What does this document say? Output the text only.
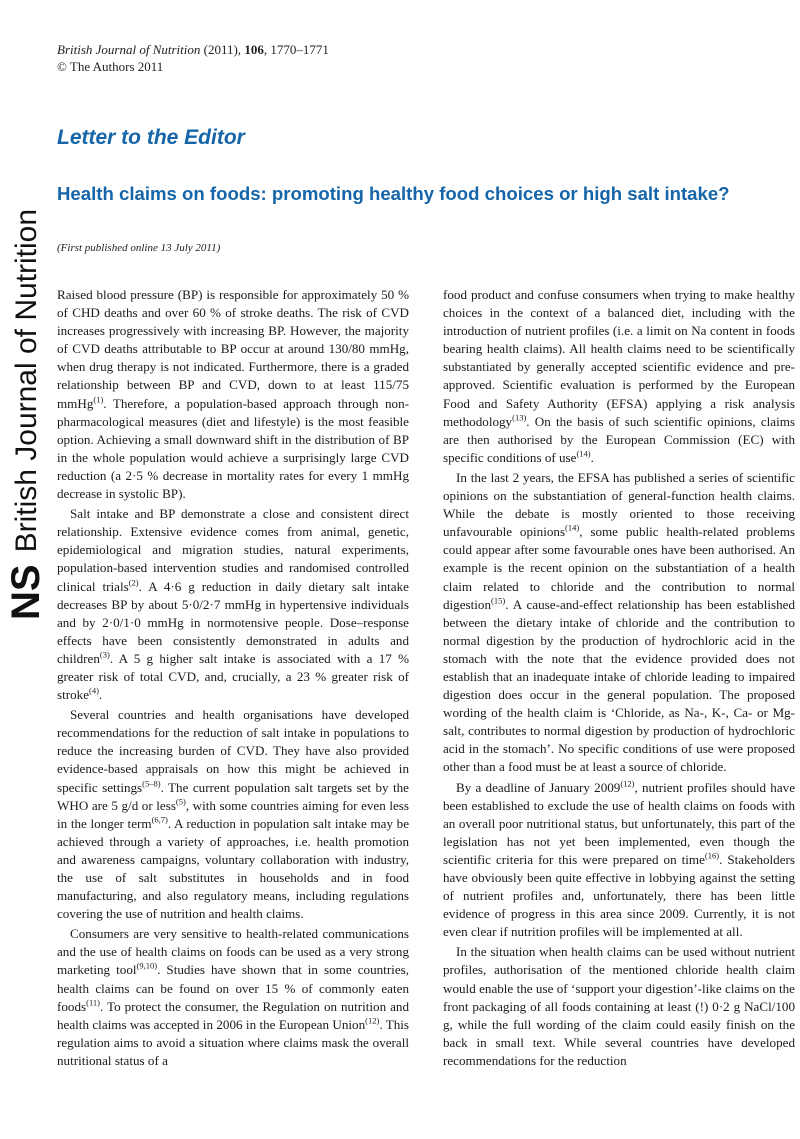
NSBritish Journal of Nutrition
British Journal of Nutrition (2011), 106, 1770–1771
© The Authors 2011
Letter to the Editor
Health claims on foods: promoting healthy food choices or high salt intake?
(First published online 13 July 2011)

Raised blood pressure (BP) is responsible for approximately 50 % of CHD deaths and over 60 % of stroke deaths. The risk of CVD increases progressively with increasing BP. However, the majority of CVD deaths attributable to BP occur at around 130/80 mmHg, when drug therapy is not indicated. Furthermore, there is a graded relationship between BP and CVD, down to at least 115/75 mmHg$^{(1)}$. Therefore, a population-based approach through non-pharmacological measures (diet and lifestyle) is the most feasible option. Achieving a small downward shift in the distribution of BP in the whole population would achieve a surprisingly large CVD reduction (a 2·5 % decrease in mortality rates for every 1 mmHg decrease in systolic BP).

Salt intake and BP demonstrate a close and consistent direct relationship. Extensive evidence comes from animal, genetic, epidemiological and migration studies, natural experiments, population-based intervention studies and randomised controlled clinical trials$^{(2)}$. A 4·6 g reduction in daily dietary salt intake decreases BP by about 5·0/2·7 mmHg in hypertensive individuals and by 2·0/1·0 mmHg in normotensive people. Dose–response effects have been consistently demonstrated in adults and children$^{(3)}$. A 5 g higher salt intake is associated with a 17 % greater risk of total CVD, and, crucially, a 23 % greater risk of stroke$^{(4)}$.

Several countries and health organisations have developed recommendations for the reduction of salt intake in populations to reduce the increasing burden of CVD. They have also provided evidence-based appraisals on how this might be achieved in specific settings$^{(5-8)}$. The current population salt targets set by the WHO are 5 g/d or less$^{(5)}$, with some countries aiming for even less in the longer term$^{(6,7)}$. A reduction in population salt intake may be achieved through a variety of approaches, i.e. health promotion and awareness campaigns, voluntary collaboration with industry, the use of salt substitutes in households and in food manufacturing, and also regulatory means, including regulations covering the use of nutrition and health claims.

Consumers are very sensitive to health-related communications and the use of health claims on foods can be used as a very strong marketing tool$^{(9,10)}$. Studies have shown that in some countries, health claims can be found on over 15 % of commonly eaten foods$^{(11)}$. To protect the consumer, the Regulation on nutrition and health claims was accepted in 2006 in the European Union$^{(12)}$. This regulation aims to avoid a situation where claims mask the overall nutritional status of a

food product and confuse consumers when trying to make healthy choices in the context of a balanced diet, including with the introduction of nutrient profiles (i.e. a limit on Na content in foods bearing health claims). All health claims need to be scientifically substantiated by generally accepted scientific evidence and pre-approved. Scientific evaluation is performed by the European Food and Safety Authority (EFSA) applying a risk analysis methodology$^{(13)}$. On the basis of such scientific opinions, claims are then authorised by the European Commission (EC) with specific conditions of use$^{(14)}$.

In the last 2 years, the EFSA has published a series of scientific opinions on the substantiation of general-function health claims. While the debate is mostly oriented to those receiving unfavourable opinions$^{(14)}$, some public health-related problems could appear after some favourable ones have been authorised. An example is the recent opinion on the substantiation of a health claim related to chloride and the contribution to normal digestion$^{(15)}$. A cause-and-effect relationship has been established between the dietary intake of chloride and the contribution to normal digestion by the production of hydrochloric acid in the stomach with the note that the evidence provided does not establish that an inadequate intake of chloride leading to impaired digestion does occur in the general population. The proposed wording of the health claim is ‘Chloride, as Na-, K-, Ca- or Mg-salt, contributes to normal digestion by production of hydrochloric acid in the stomach’. No specific conditions of use were proposed other than a food must be at least a source of chloride.

By a deadline of January 2009$^{(12)}$, nutrient profiles should have been established to exclude the use of health claims on foods with an overall poor nutritional status, but unfortunately, this part of the legislation has not yet been implemented, even though the scientific criteria for this were prepared on time$^{(16)}$. Stakeholders have obviously been quite effective in lobbying against the setting of nutrient profiles and, unfortunately, there has been little evidence of progress in this area since 2009. Currently, it is not even clear if nutrition profiles will be implemented at all.

In the situation when health claims can be used without nutrient profiles, authorisation of the mentioned chloride health claim would enable the use of ‘support your digestion’-like claims on the front packaging of all foods containing at least (!) 0·2 g NaCl/100 g, while the full wording of the claim could easily finish on the back in small text. While several countries have developed recommendations for the reduction
